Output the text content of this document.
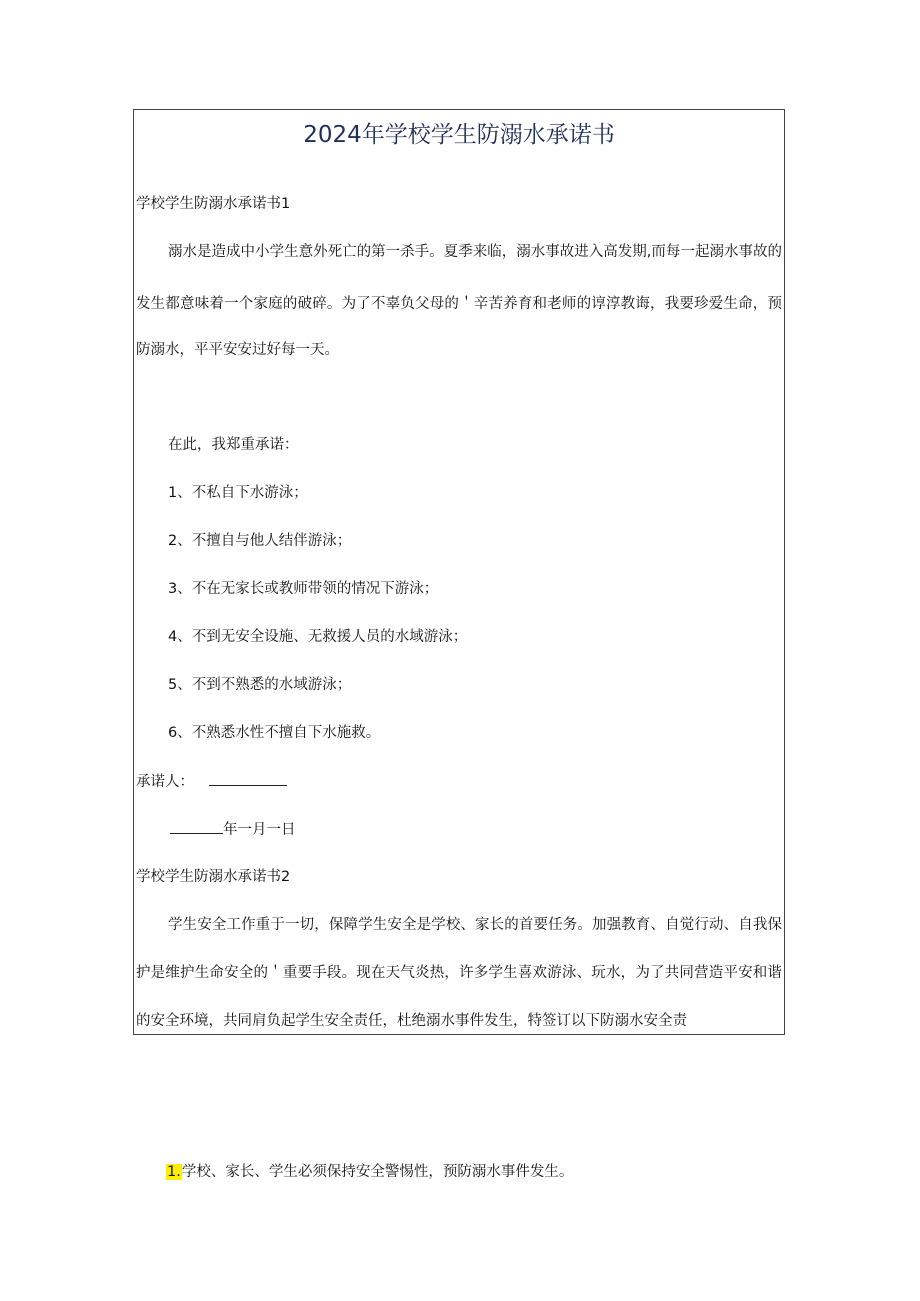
2024年学校学生防溺水承诺书
学校学生防溺水承诺书1
溺水是造成中小学生意外死亡的第一杀手。夏季来临，溺水事故进入高发期,而每一起溺水事故的
发生都意味着一个家庭的破碎。为了不辜负父母的＇辛苦养育和老师的谆淳教诲，我要珍爱生命，预
防溺水，平平安安过好每一天。
在此，我郑重承诺：
1、不私自下水游泳；
2、不擅自与他人结伴游泳；
3、不在无家长或教师带领的情况下游泳；
4、不到无安全设施、无救援人员的水域游泳；
5、不到不熟悉的水域游泳；
6、不熟悉水性不擅自下水施救。
承诺人：
年一月一日
学校学生防溺水承诺书2
学生安全工作重于一切，保障学生安全是学校、家长的首要任务。加强教育、自觉行动、自我保
护是维护生命安全的＇重要手段。现在天气炎热，许多学生喜欢游泳、玩水，为了共同营造平安和谐
的安全环境，共同肩负起学生安全责任，杜绝溺水事件发生，特签订以下防溺水安全责
1.学校、家长、学生必须保持安全警惕性，预防溺水事件发生。
